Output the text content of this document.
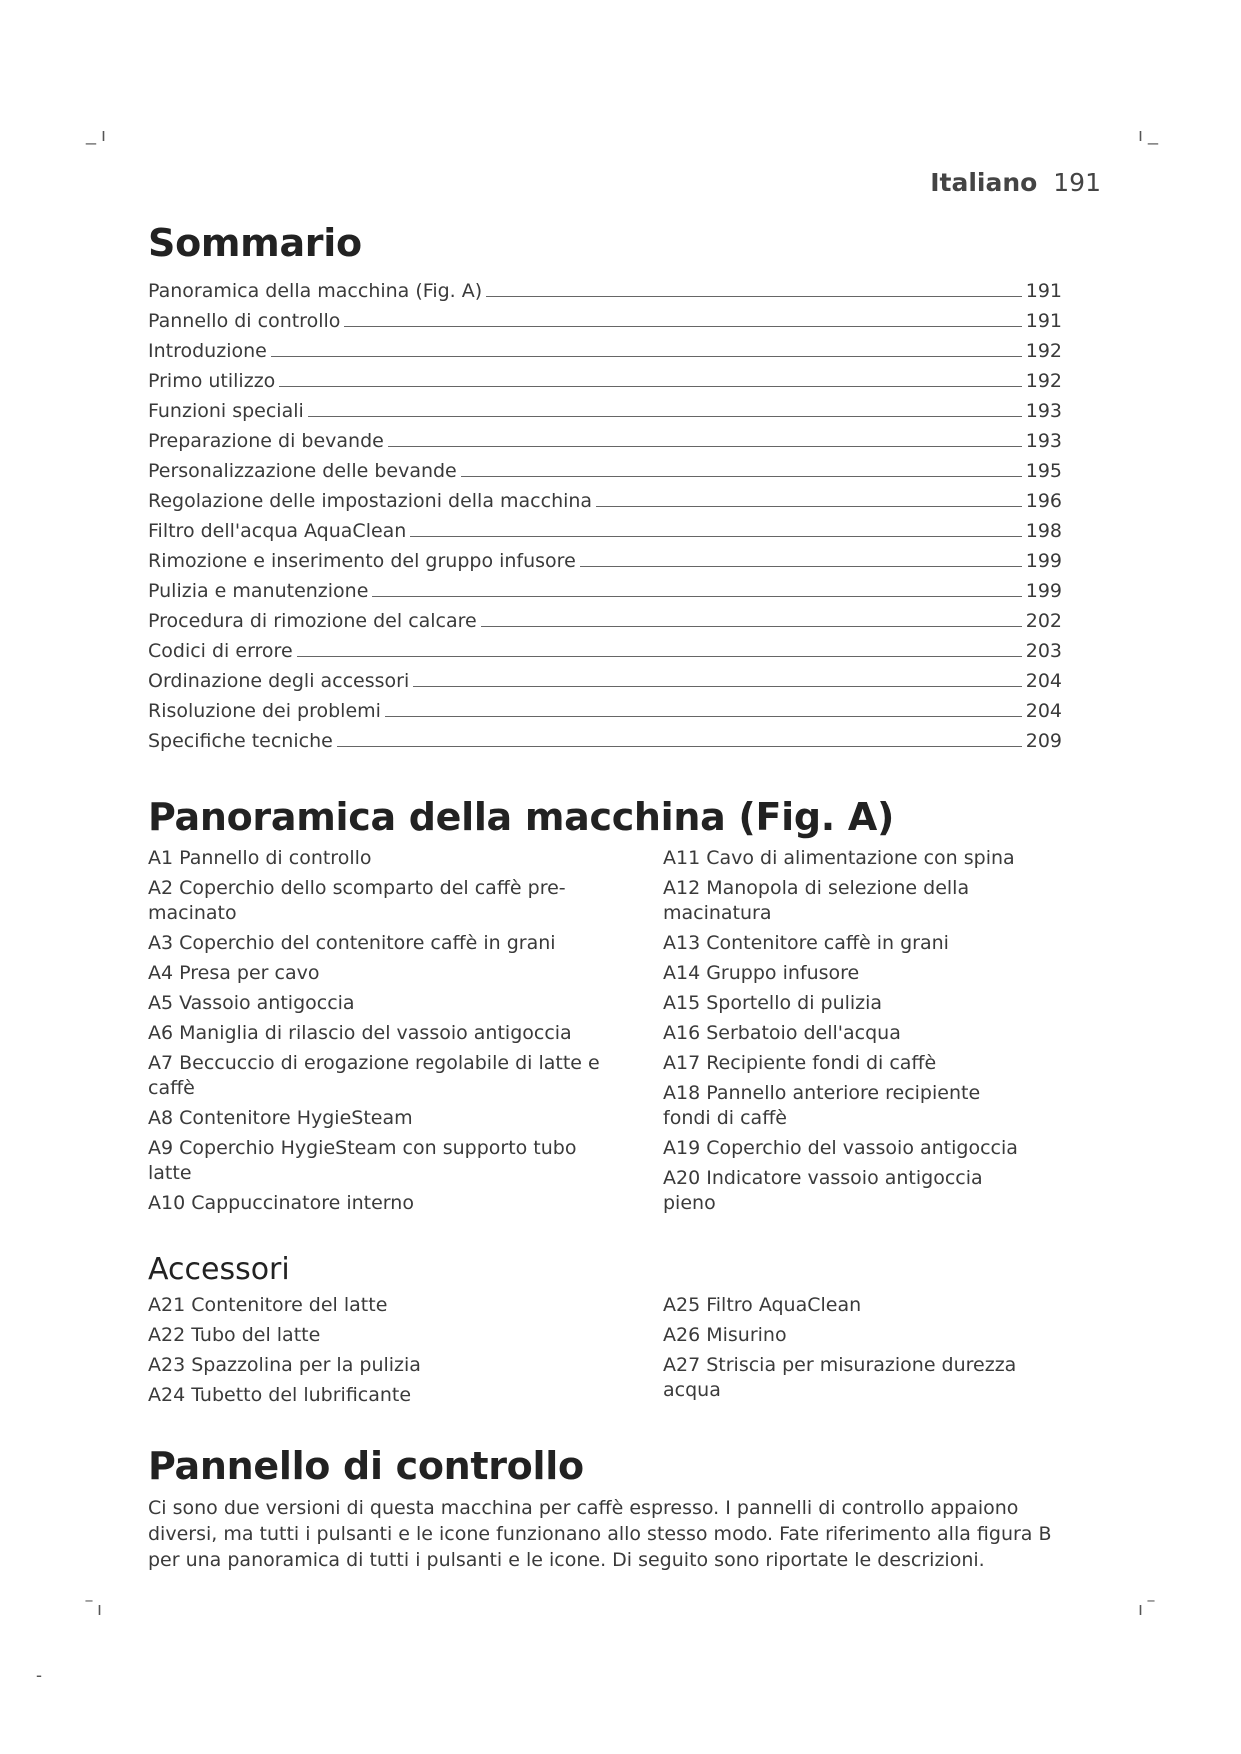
_ ı	ı _
‾ ı	ı ‾
-
Italiano 191
Sommario
Panoramica della macchina (Fig. A)	191
Pannello di controllo	191
Introduzione	192
Primo utilizzo	192
Funzioni speciali	193
Preparazione di bevande	193
Personalizzazione delle bevande	195
Regolazione delle impostazioni della macchina	196
Filtro dell'acqua AquaClean	198
Rimozione e inserimento del gruppo infusore	199
Pulizia e manutenzione	199
Procedura di rimozione del calcare	202
Codici di errore	203
Ordinazione degli accessori	204
Risoluzione dei problemi	204
Specifiche tecniche	209
Panoramica della macchina (Fig. A)
A1 Pannello di controllo
A2 Coperchio dello scomparto del caffè pre-macinato
A3 Coperchio del contenitore caffè in grani
A4 Presa per cavo
A5 Vassoio antigoccia
A6 Maniglia di rilascio del vassoio antigoccia
A7 Beccuccio di erogazione regolabile di latte e caffè
A8 Contenitore HygieSteam
A9 Coperchio HygieSteam con supporto tubo latte
A10 Cappuccinatore interno
A11 Cavo di alimentazione con spina
A12 Manopola di selezione della macinatura
A13 Contenitore caffè in grani
A14 Gruppo infusore
A15 Sportello di pulizia
A16 Serbatoio dell'acqua
A17 Recipiente fondi di caffè
A18 Pannello anteriore recipiente fondi di caffè
A19 Coperchio del vassoio antigoccia
A20 Indicatore vassoio antigoccia pieno
Accessori
A21 Contenitore del latte
A22 Tubo del latte
A23 Spazzolina per la pulizia
A24 Tubetto del lubrificante
A25 Filtro AquaClean
A26 Misurino
A27 Striscia per misurazione durezza acqua
Pannello di controllo

Ci sono due versioni di questa macchina per caffè espresso. I pannelli di controllo appaiono diversi, ma tutti i pulsanti e le icone funzionano allo stesso modo. Fate riferimento alla figura B per una panoramica di tutti i pulsanti e le icone. Di seguito sono riportate le descrizioni.
